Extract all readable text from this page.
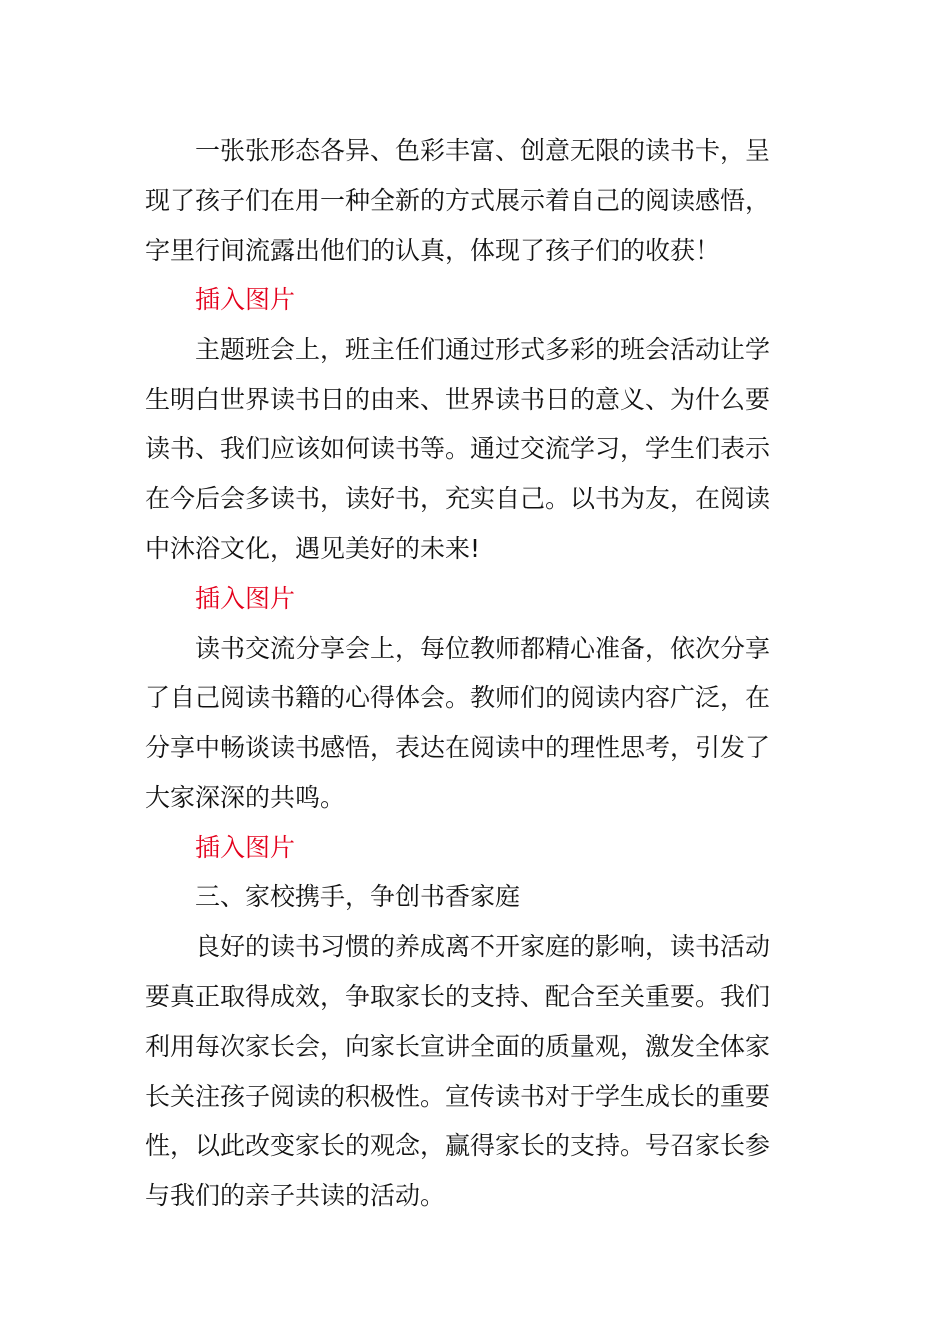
一张张形态各异、色彩丰富、创意无限的读书卡，呈
现了孩子们在用一种全新的方式展示着自己的阅读感悟，
字里行间流露出他们的认真，体现了孩子们的收获！
插入图片
主题班会上，班主任们通过形式多彩的班会活动让学
生明白世界读书日的由来、世界读书日的意义、为什么要
读书、我们应该如何读书等。通过交流学习，学生们表示
在今后会多读书，读好书，充实自己。以书为友，在阅读
中沐浴文化，遇见美好的未来!
插入图片
读书交流分享会上，每位教师都精心准备，依次分享
了自己阅读书籍的心得体会。教师们的阅读内容广泛，在
分享中畅谈读书感悟，表达在阅读中的理性思考，引发了
大家深深的共鸣。
插入图片
三、家校携手，争创书香家庭
良好的读书习惯的养成离不开家庭的影响，读书活动
要真正取得成效，争取家长的支持、配合至关重要。我们
利用每次家长会，向家长宣讲全面的质量观，激发全体家
长关注孩子阅读的积极性。宣传读书对于学生成长的重要
性，以此改变家长的观念，赢得家长的支持。号召家长参
与我们的亲子共读的活动。
